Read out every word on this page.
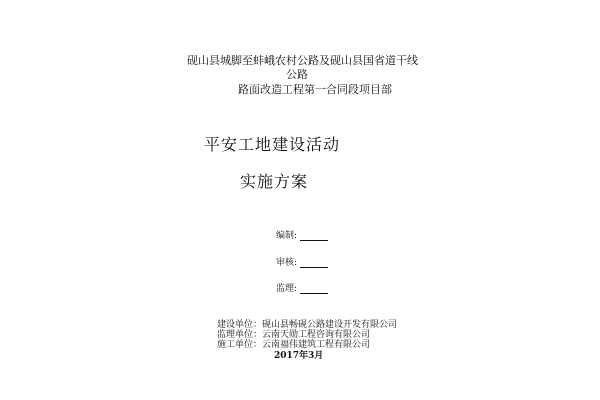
砚山县城脚至蚌峨农村公路及砚山县国省道干线
公路
路面改造工程第一合同段项目部
平安工地建设活动
实施方案
编制:
审核:
监理:
建设单位：砚山县畅砚公路建设开发有限公司
监理单位：云南天勋工程咨询有限公司
施工单位：云南福伟建筑工程有限公司
2017年3月
